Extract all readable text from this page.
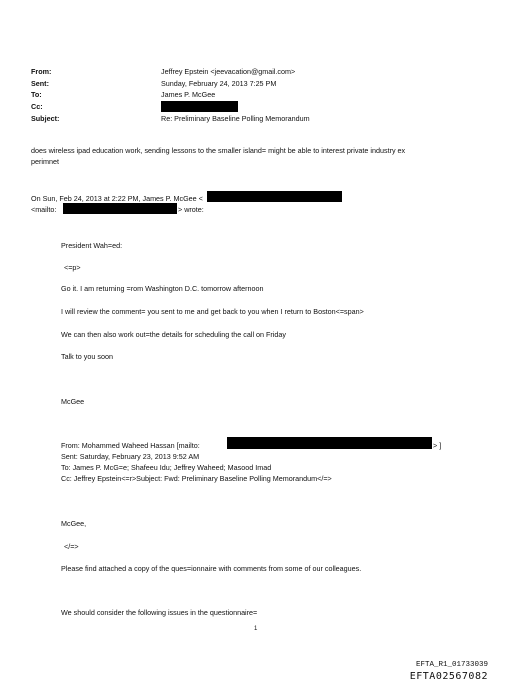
From:	Jeffrey Epstein <jeevacation@gmail.com>
Sent:	Sunday, February 24, 2013 7:25 PM
To:	James P. McGee
Cc:
Subject:	Re: Preliminary Baseline Polling Memorandum
does wireless ipad education work, sending lessons to the smaller island= might be able to interest private industry ex
perimnet
On Sun, Feb 24, 2013 at 2:22 PM, James P. McGee <
<mailto:	> wrote:
President Wah=ed:
<=p>
Go it. I am returning =rom Washington D.C. tomorrow afternoon
I will review the comment= you sent to me and get back to you when I return to Boston<=span>
We can then also work out=the details for scheduling the call on Friday
Talk to you soon
McGee
From: Mohammed Waheed Hassan [mailto:	> ]
Sent: Saturday, February 23, 2013 9:52 AM
To: James P. McG=e; Shafeeu Idu; Jeffrey Waheed; Masood Imad
Cc: Jeffrey Epstein<=r>Subject: Fwd: Preliminary Baseline Polling Memorandum</=>
McGee,
</=>
Please find attached a copy of the ques=ionnaire with comments from some of our colleagues.
We should consider the following issues in the questionnaire=
1
EFTA_R1_01733039
EFTA02567082
